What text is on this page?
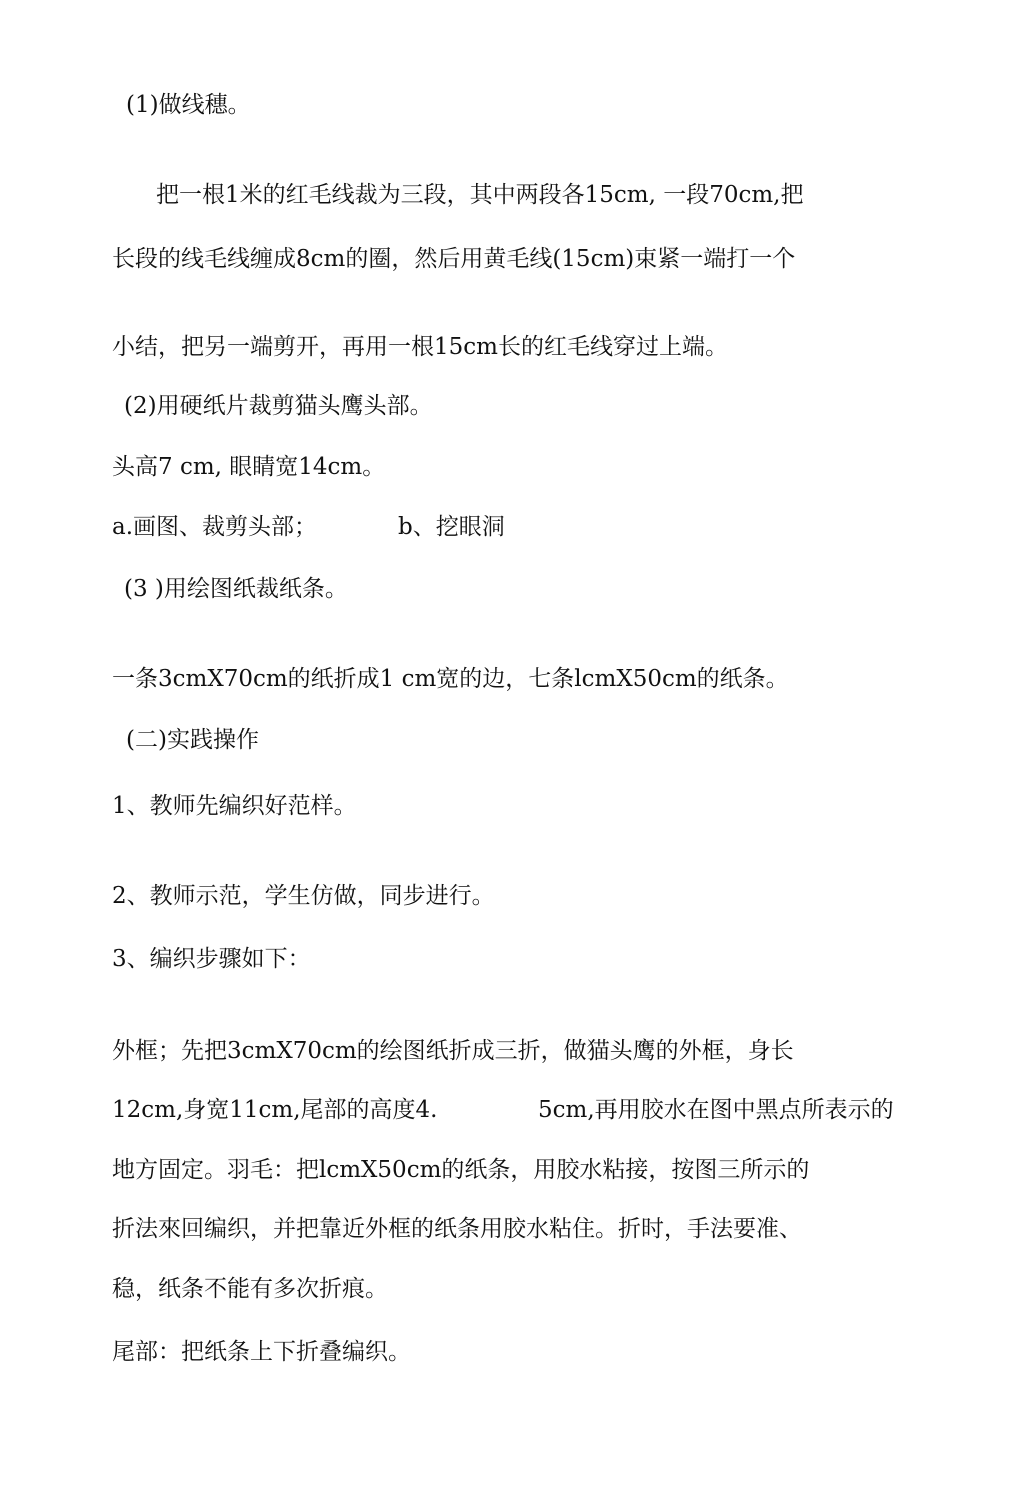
(1)做线穗。
把一根1米的红毛线裁为三段，其中两段各15cm, 一段70cm,把
长段的线毛线缠成8cm的圈，然后用黄毛线(15cm)束紧一端打一个
小结，把另一端剪开，再用一根15cm长的红毛线穿过上端。
(2)用硬纸片裁剪猫头鹰头部。
头高7 cm, 眼睛宽14cm。
a.画图、裁剪头部；	b、挖眼洞
(3 )用绘图纸裁纸条。
一条3cmX70cm的纸折成1 cm宽的边，七条lcmX50cm的纸条。
(二)实践操作
1、教师先编织好范样。
2、教师示范，学生仿做，同步进行。
3、编织步骤如下：
外框；先把3cmX70cm的绘图纸折成三折，做猫头鹰的外框，身长
12cm,身宽11cm,尾部的高度4.	5cm,再用胶水在图中黑点所表示的
地方固定。羽毛：把lcmX50cm的纸条，用胶水粘接，按图三所示的
折法來回编织，并把靠近外框的纸条用胶水粘住。折时，手法要准、
稳，纸条不能有多次折痕。
尾部：把纸条上下折叠编织。
